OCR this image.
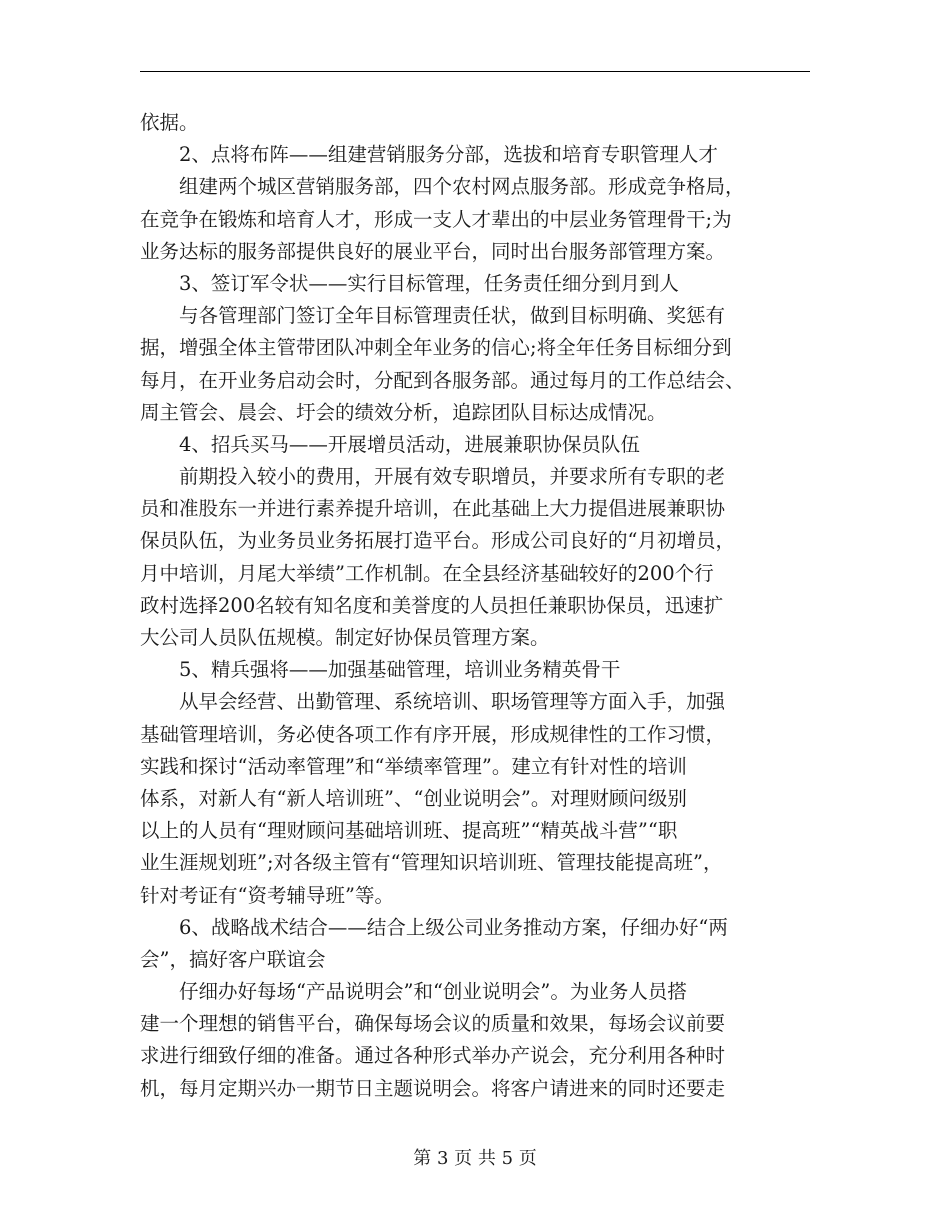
依据。
2、点将布阵——组建营销服务分部，选拔和培育专职管理人才
组建两个城区营销服务部，四个农村网点服务部。形成竞争格局，
在竞争在锻炼和培育人才，形成一支人才辈出的中层业务管理骨干;为
业务达标的服务部提供良好的展业平台，同时出台服务部管理方案。
3、签订军令状——实行目标管理，任务责任细分到月到人
与各管理部门签订全年目标管理责任状，做到目标明确、奖惩有
据，增强全体主管带团队冲刺全年业务的信心;将全年任务目标细分到
每月，在开业务启动会时，分配到各服务部。通过每月的工作总结会、
周主管会、晨会、圩会的绩效分析，追踪团队目标达成情况。
4、招兵买马——开展增员活动，进展兼职协保员队伍
前期投入较小的费用，开展有效专职增员，并要求所有专职的老
员和准股东一并进行素养提升培训，在此基础上大力提倡进展兼职协
保员队伍，为业务员业务拓展打造平台。形成公司良好的“月初增员，
月中培训，月尾大举绩”工作机制。在全县经济基础较好的200个行
政村选择200名较有知名度和美誉度的人员担任兼职协保员，迅速扩
大公司人员队伍规模。制定好协保员管理方案。
5、精兵强将——加强基础管理，培训业务精英骨干
从早会经营、出勤管理、系统培训、职场管理等方面入手，加强
基础管理培训，务必使各项工作有序开展，形成规律性的工作习惯，
实践和探讨“活动率管理”和“举绩率管理”。建立有针对性的培训
体系，对新人有“新人培训班”、“创业说明会”。对理财顾问级别
以上的人员有“理财顾问基础培训班、提高班”“精英战斗营”“职
业生涯规划班”;对各级主管有“管理知识培训班、管理技能提高班”，
针对考证有“资考辅导班”等。
6、战略战术结合——结合上级公司业务推动方案，仔细办好“两
会”，搞好客户联谊会
仔细办好每场“产品说明会”和“创业说明会”。为业务人员搭
建一个理想的销售平台，确保每场会议的质量和效果，每场会议前要
求进行细致仔细的准备。通过各种形式举办产说会，充分利用各种时
机，每月定期兴办一期节日主题说明会。将客户请进来的同时还要走
第 3 页 共 5 页
